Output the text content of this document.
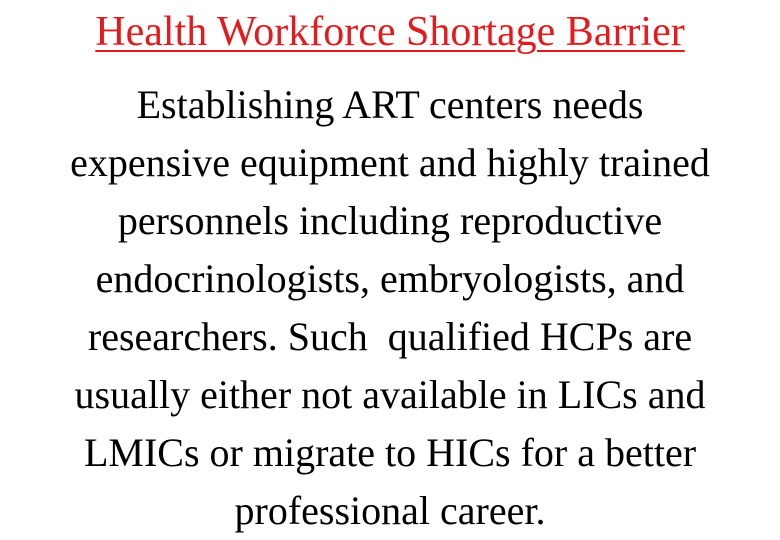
Health Workforce Shortage Barrier
Establishing ART centers needs
expensive equipment and highly trained
personnels including reproductive
endocrinologists, embryologists, and
researchers. Such  qualified HCPs are
usually either not available in LICs and
LMICs or migrate to HICs for a better
professional career.
